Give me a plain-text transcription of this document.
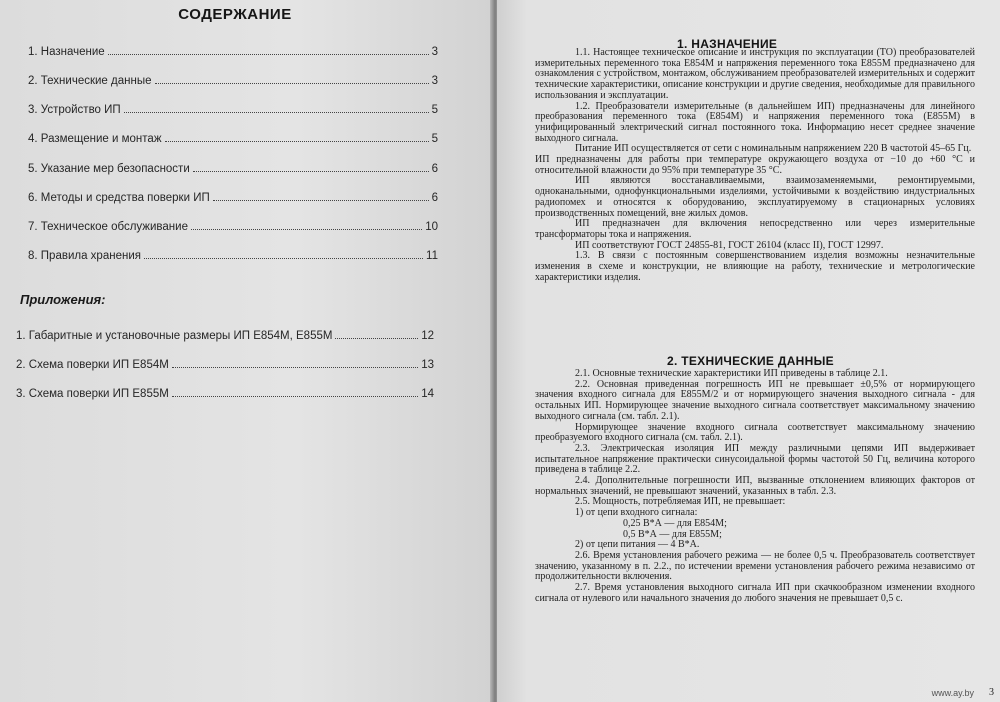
СОДЕРЖАНИЕ
1. Назначение	3
2. Технические данные	3
3. Устройство ИП	5
4. Размещение и монтаж	5
5. Указание мер безопасности	6
6. Методы и средства поверки ИП	6
7. Техническое обслуживание	10
8. Правила хранения	11
Приложения:
1. Габаритные и установочные размеры ИП Е854М, Е855М	12
2. Схема поверки ИП Е854М	13
3. Схема поверки ИП Е855М	14
1. НАЗНАЧЕНИЕ

1.1. Настоящее техническое описание и инструкция по эксплуатации (ТО) преобразователей измерительных переменного тока Е854М и напряжения переменного тока Е855М предназначено для ознакомления с устройством, монтажом, обслуживанием преобразователей измерительных и содержит технические характеристики, описание конструкции и другие сведения, необходимые для правильного использования и эксплуатации.

1.2. Преобразователи измерительные (в дальнейшем ИП) предназначены для линейного преобразования переменного тока (Е854М) и напряжения переменного тока (Е855М) в унифицированный электрический сигнал постоянного тока. Информацию несет среднее значение выходного сигнала.

Питание ИП осуществляется от сети с номинальным напряжением 220 В частотой 45–65 Гц.

ИП предназначены для работы при температуре окружающего воздуха от −10 до +60 °С и относительной влажности до 95% при температуре 35 °С.

ИП являются восстанавливаемыми, взаимозаменяемыми, ремонтируемыми, одноканальными, однофункциональными изделиями, устойчивыми к воздействию индустриальных радиопомех и относятся к оборудованию, эксплуатируемому в стационарных условиях производственных помещений, вне жилых домов.

ИП предназначен для включения непосредственно или через измерительные трансформаторы тока и напряжения.

ИП соответствуют ГОСТ 24855-81, ГОСТ 26104 (класс II), ГОСТ 12997.

1.3. В связи с постоянным совершенствованием изделия возможны незначительные изменения в схеме и конструкции, не влияющие на работу, технические и метрологические характеристики изделия.

2. ТЕХНИЧЕСКИЕ ДАННЫЕ

2.1. Основные технические характеристики ИП приведены в таблице 2.1.

2.2. Основная приведенная погрешность ИП не превышает ±0,5% от нормирующего значения входного сигнала для Е855М/2 и от нормирующего значения выходного сигнала - для остальных ИП. Нормирующее значение выходного сигнала соответствует максимальному значению выходного сигнала (см. табл. 2.1).

Нормирующее значение входного сигнала соответствует максимальному значению преобразуемого входного сигнала (см. табл. 2.1).

2.3. Электрическая изоляция ИП между различными цепями ИП выдерживает испытательное напряжение практически синусоидальной формы частотой 50 Гц, величина которого приведена в таблице 2.2.

2.4. Дополнительные погрешности ИП, вызванные отклонением влияющих факторов от нормальных значений, не превышают значений, указанных в табл. 2.3.

2.5. Мощность, потребляемая ИП, не превышает:

1) от цепи входного сигнала:

0,25 В*А — для Е854М;

0,5 В*А — для Е855М;

2) от цепи питания — 4 В*А.

2.6. Время установления рабочего режима — не более 0,5 ч. Преобразователь соответствует значению, указанному в п. 2.2., по истечении времени установления рабочего режима независимо от продолжительности включения.

2.7. Время установления выходного сигнала ИП при скачкообразном изменении входного сигнала от нулевого или начального значения до любого значения не превышает 0,5 с.

www.ay.by 3
